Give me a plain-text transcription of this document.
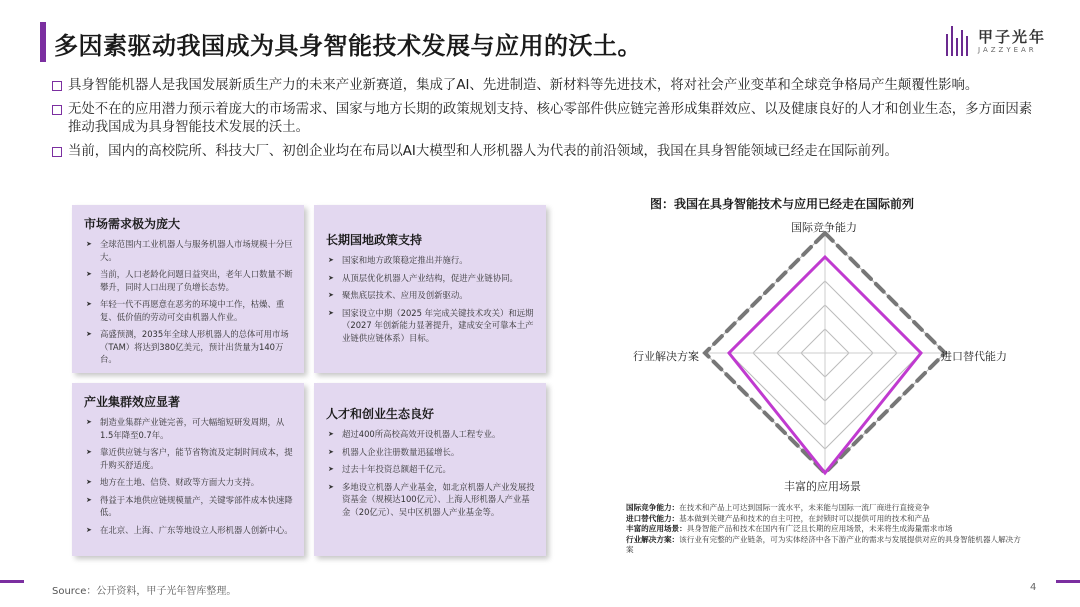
多因素驱动我国成为具身智能技术发展与应用的沃土。	甲子光年
JAZZYEAR
具身智能机器人是我国发展新质生产力的未来产业新赛道，集成了AI、先进制造、新材料等先进技术，将对社会产业变革和全球竞争格局产生颠覆性影响。
无处不在的应用潜力预示着庞大的市场需求、国家与地方长期的政策规划支持、核心零部件供应链完善形成集群效应、以及健康良好的人才和创业生态，多方面因素推动我国成为具身智能技术发展的沃土。
当前，国内的高校院所、科技大厂、初创企业均在布局以AI大模型和人形机器人为代表的前沿领域，我国在具身智能领域已经走在国际前列。
市场需求极为庞大
➤ 全球范围内工业机器人与服务机器人市场规模十分巨大。
➤ 当前，人口老龄化问题日益突出，老年人口数量不断攀升，同时人口出现了负增长态势。
➤ 年轻一代不再愿意在恶劣的环境中工作，枯燥、重复、低价值的劳动可交由机器人作业。
➤ 高盛预测，2035年全球人形机器人的总体可用市场（TAM）将达到380亿美元，预计出货量为140万台。
长期国地政策支持
➤ 国家和地方政策稳定推出并施行。
➤ 从顶层优化机器人产业结构，促进产业链协同。
➤ 聚焦底层技术、应用及创新驱动。
➤ 国家设立中期（2025 年完成关键技术攻关）和远期（2027 年创新能力显著提升，建成安全可靠本土产业链供应链体系）目标。
产业集群效应显著
➤ 制造业集群产业链完善，可大幅缩短研发周期，从1.5年降至0.7年。
➤ 靠近供应链与客户，能节省物流及定制时间成本，提升购买舒适度。
➤ 地方在土地、信贷、财政等方面大力支持。
➤ 得益于本地供应链规模量产，关键零部件成本快速降低。
➤ 在北京、上海、广东等地设立人形机器人创新中心。
人才和创业生态良好
➤ 超过400所高校高效开设机器人工程专业。
➤ 机器人企业注册数量迅猛增长。
➤ 过去十年投资总额超千亿元。
➤ 多地设立机器人产业基金，如北京机器人产业发展投资基金（规模达100亿元）、上海人形机器人产业基金（20亿元）、吴中区机器人产业基金等。
图：我国在具身智能技术与应用已经走在国际前列
国际竞争能力
进口替代能力
丰富的应用场景
行业解决方案
国际竞争能力：在技术和产品上可达到国际一流水平，未来能与国际一流厂商进行直接竞争
进口替代能力：基本做到关键产品和技术的自主可控，在封锁时可以提供可用的技术和产品
丰富的应用场景：具身智能产品和技术在国内有广泛且长期的应用场景，未来将生成海量需求市场
行业解决方案：该行业有完整的产业链条，可为实体经济中各下游产业的需求与发展提供对应的具身智能机器人解决方案
Source：公开资料，甲子光年智库整理。	4
